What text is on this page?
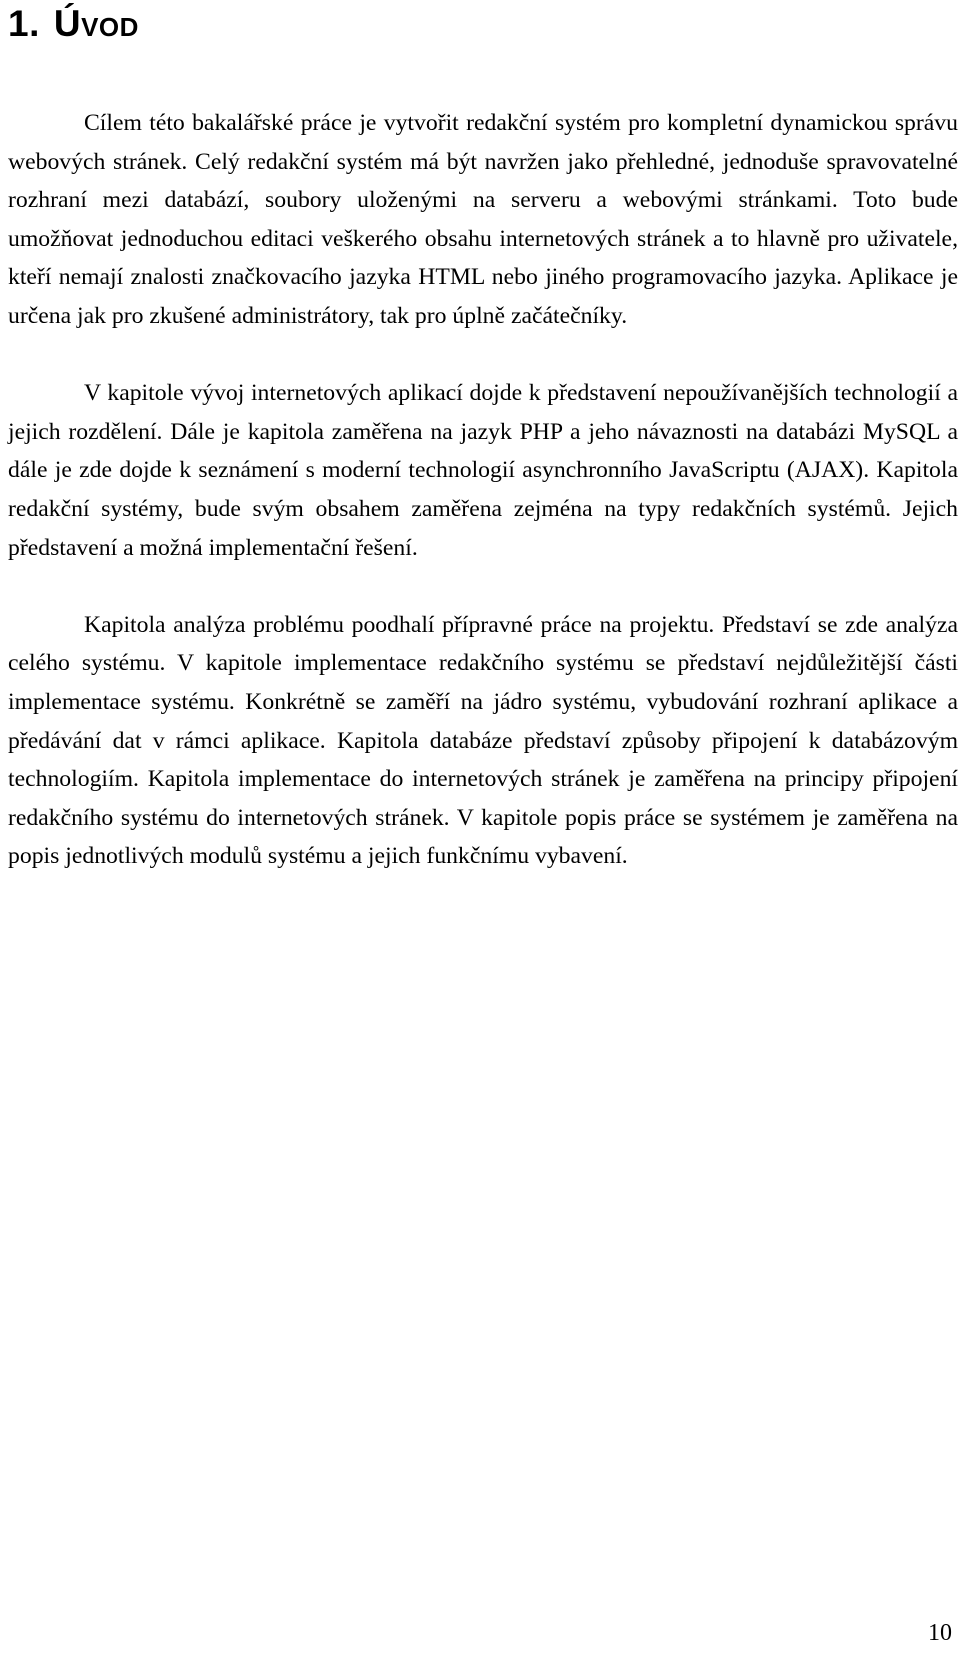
1. Úvod

Cílem této bakalářské práce je vytvořit redakční systém pro kompletní dynamickou správu webových stránek. Celý redakční systém má být navržen jako přehledné, jednoduše spravovatelné rozhraní mezi databází, soubory uloženými na serveru a webovými stránkami. Toto bude umožňovat jednoduchou editaci veškerého obsahu internetových stránek a to hlavně pro uživatele, kteří nemají znalosti značkovacího jazyka HTML nebo jiného programovacího jazyka. Aplikace je určena jak pro zkušené administrátory, tak pro úplně začátečníky.

V kapitole vývoj internetových aplikací dojde k představení nepoužívanějších technologií a jejich rozdělení. Dále je kapitola zaměřena na jazyk PHP a jeho návaznosti na databázi MySQL a dále je zde dojde k seznámení s moderní technologií asynchronního JavaScriptu (AJAX). Kapitola redakční systémy, bude svým obsahem zaměřena zejména na typy redakčních systémů. Jejich představení a možná implementační řešení.

Kapitola analýza problému poodhalí přípravné práce na projektu. Představí se zde analýza celého systému. V kapitole implementace redakčního systému se představí nejdůležitější části implementace systému. Konkrétně se zaměří na jádro systému, vybudování rozhraní aplikace a předávání dat v rámci aplikace. Kapitola databáze představí způsoby připojení k databázovým technologiím. Kapitola implementace do internetových stránek je zaměřena na principy připojení redakčního systému do internetových stránek. V kapitole popis práce se systémem je zaměřena na popis jednotlivých modulů systému a jejich funkčnímu vybavení.

10
